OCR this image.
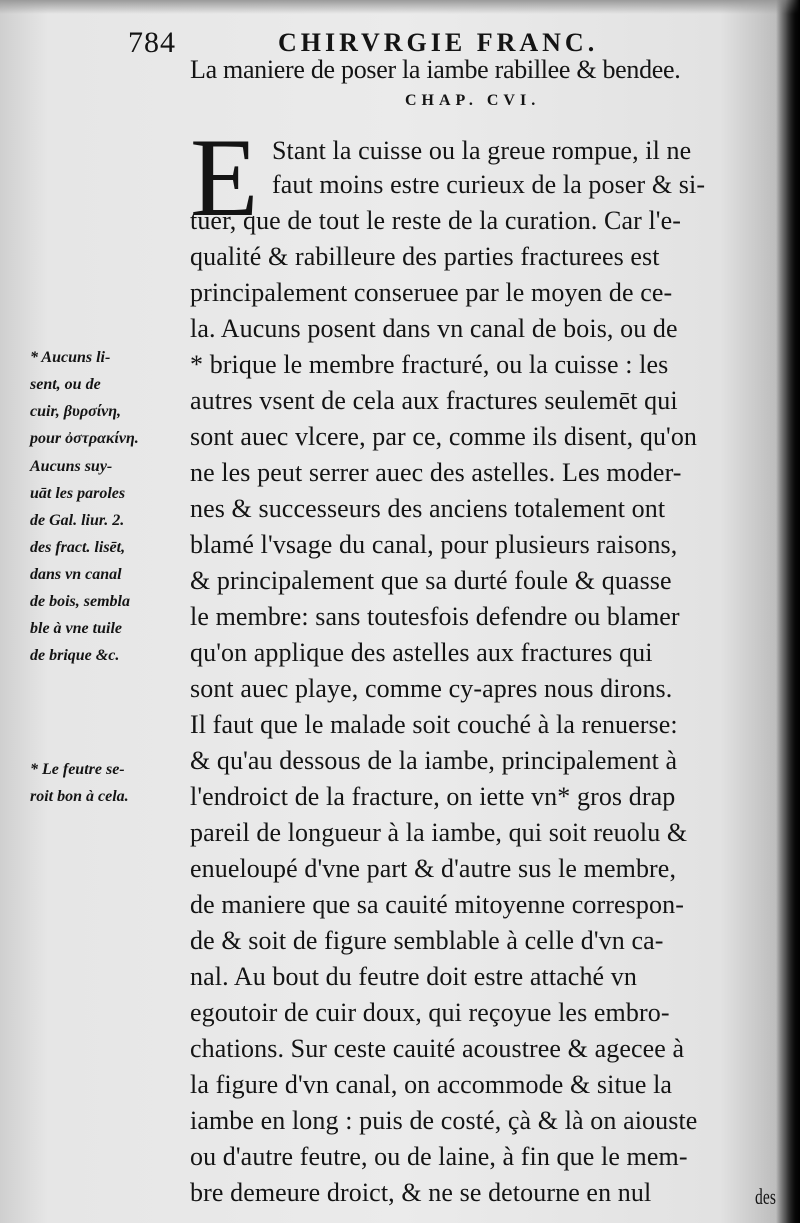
784	CHIRVRGIE FRANC.
La maniere de poser la iambe rabillee & bendee.
CHAP. CVI.
* Aucuns li-
sent, ou de
cuir, βυρσίνη,
pour ὀστρακίνη.
Aucuns suy-
uāt les paroles
de Gal. liur. 2.
des fract. lisēt,
dans vn canal
de bois, sembla
ble à vne tuile
de brique &c.
* Le feutre se-
roit bon à cela.
E Stant la cuisse ou la greue rompue, il ne
faut moins estre curieux de la poser & si-
tuer, que de tout le reste de la curation. Car l'e-
qualité & rabilleure des parties fracturees est
principalement conseruee par le moyen de ce-
la. Aucuns posent dans vn canal de bois, ou de
* brique le membre fracturé, ou la cuisse : les
autres vsent de cela aux fractures seulemēt qui
sont auec vlcere, par ce, comme ils disent, qu'on
ne les peut serrer auec des astelles. Les moder-
nes & successeurs des anciens totalement ont
blamé l'vsage du canal, pour plusieurs raisons,
& principalement que sa durté foule & quasse
le membre: sans toutesfois defendre ou blamer
qu'on applique des astelles aux fractures qui
sont auec playe, comme cy-apres nous dirons.
Il faut que le malade soit couché à la renuerse:
& qu'au dessous de la iambe, principalement à
l'endroict de la fracture, on iette vn* gros drap
pareil de longueur à la iambe, qui soit reuolu &
enueloupé d'vne part & d'autre sus le membre,
de maniere que sa cauité mitoyenne correspon-
de & soit de figure semblable à celle d'vn ca-
nal. Au bout du feutre doit estre attaché vn
egoutoir de cuir doux, qui reçoyue les embro-
chations. Sur ceste cauité acoustree & agecee à
la figure d'vn canal, on accommode & situe la
iambe en long : puis de costé, çà & là on aiouste
ou d'autre feutre, ou de laine, à fin que le mem-
bre demeure droict, & ne se detourne en nul	des
